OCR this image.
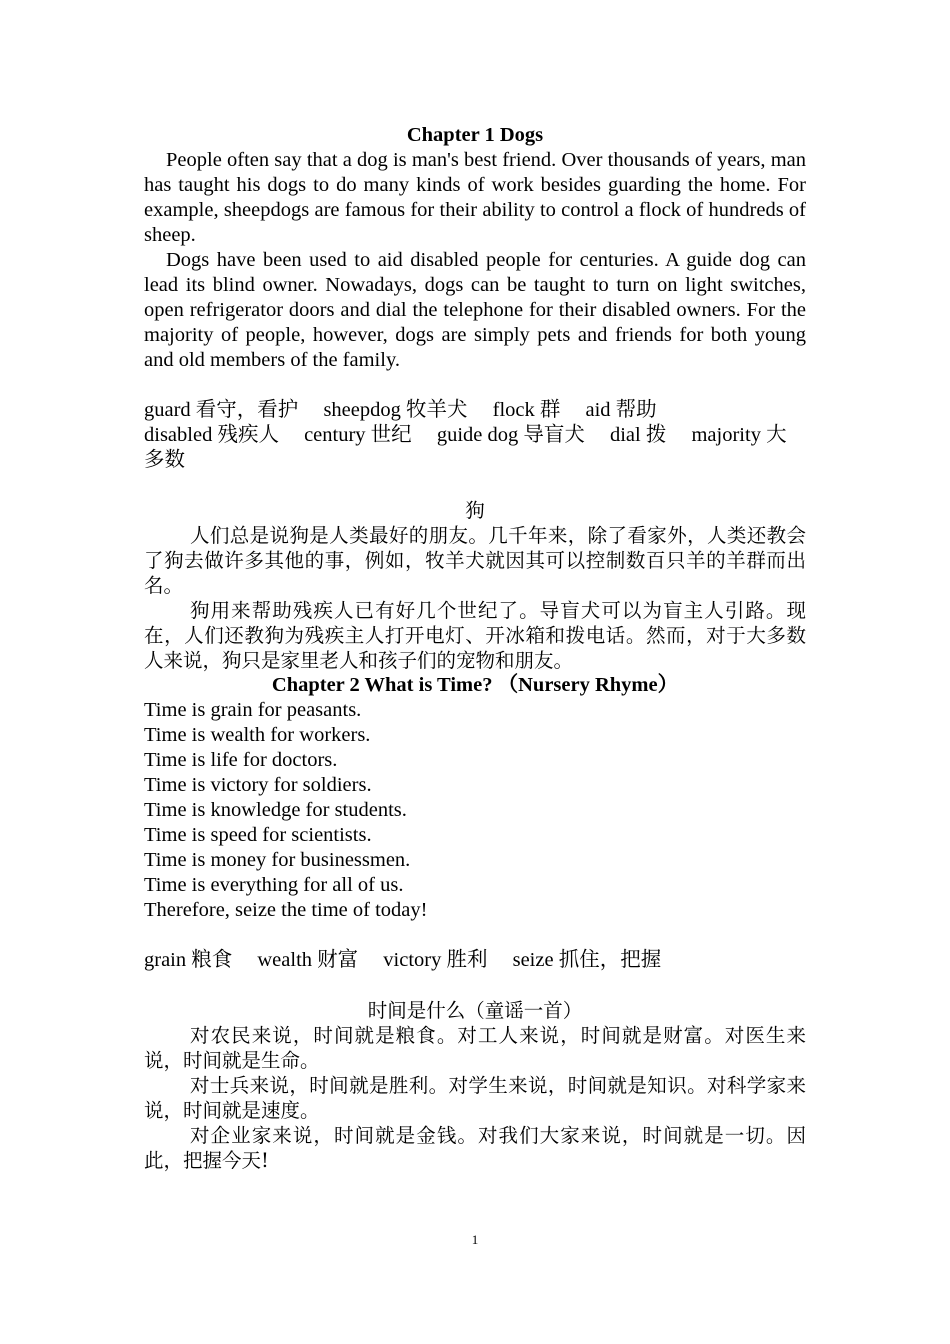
Chapter 1 Dogs

People often say that a dog is man's best friend. Over thousands of years, man has taught his dogs to do many kinds of work besides guarding the home. For example, sheepdogs are famous for their ability to control a flock of hundreds of sheep.

Dogs have been used to aid disabled people for centuries. A guide dog can lead its blind owner. Nowadays, dogs can be taught to turn on light switches, open refrigerator doors and dial the telephone for their disabled owners. For the majority of people, however, dogs are simply pets and friends for both young and old members of the family.

guard 看守，看护 sheepdog 牧羊犬 flock 群 aid 帮助

disabled 残疾人 century 世纪 guide dog 导盲犬 dial 拨 majority 大多数

狗

人们总是说狗是人类最好的朋友。几千年来，除了看家外，人类还教会了狗去做许多其他的事，例如，牧羊犬就因其可以控制数百只羊的羊群而出名。

狗用来帮助残疾人已有好几个世纪了。导盲犬可以为盲主人引路。现在，人们还教狗为残疾主人打开电灯、开冰箱和拨电话。然而，对于大多数人来说，狗只是家里老人和孩子们的宠物和朋友。

Chapter 2 What is Time? （Nursery Rhyme）

Time is grain for peasants.

Time is wealth for workers.

Time is life for doctors.

Time is victory for soldiers.

Time is knowledge for students.

Time is speed for scientists.

Time is money for businessmen.

Time is everything for all of us.

Therefore, seize the time of today!

grain 粮食 wealth 财富 victory 胜利 seize 抓住，把握

时间是什么（童谣一首）

对农民来说，时间就是粮食。对工人来说，时间就是财富。对医生来说，时间就是生命。

对士兵来说，时间就是胜利。对学生来说，时间就是知识。对科学家来说，时间就是速度。

对企业家来说，时间就是金钱。对我们大家来说，时间就是一切。因此，把握今天!

1
